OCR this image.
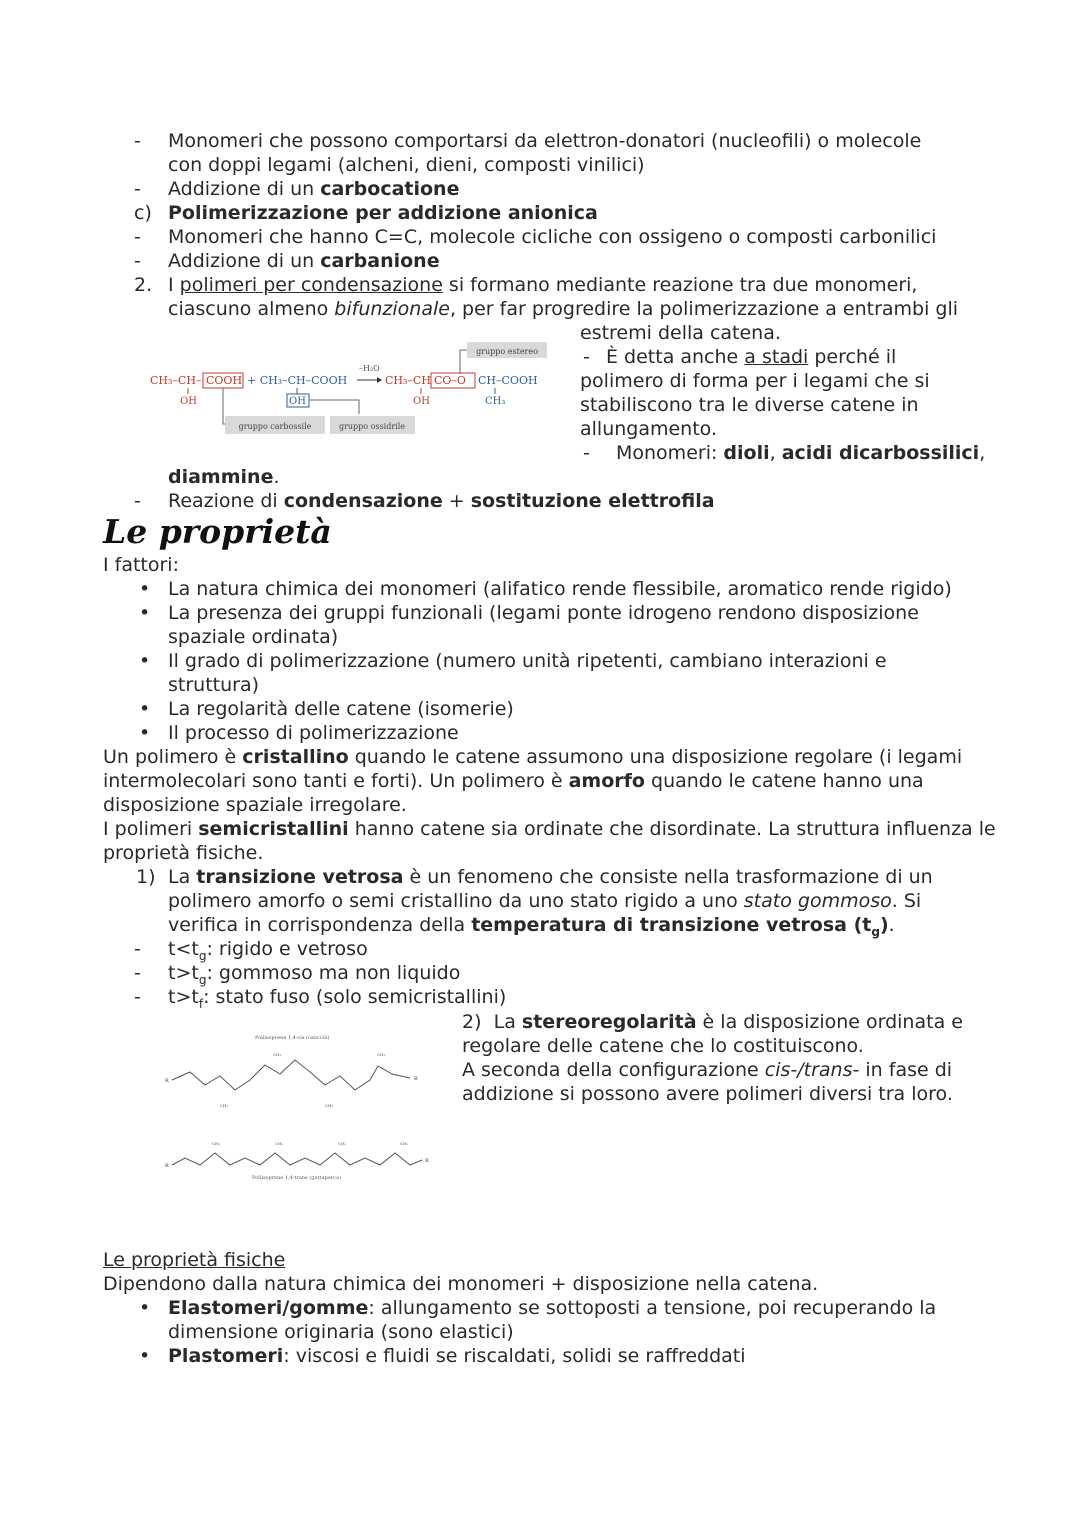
- Monomeri che possono comportarsi da elettron-donatori (nucleofili) o molecole
con doppi legami (alcheni, dieni, composti vinilici)
- Addizione di un carbocatione
c) Polimerizzazione per addizione anionica
- Monomeri che hanno C=C, molecole cicliche con ossigeno o composti carbonilici
- Addizione di un carbanione
2. I polimeri per condensazione si formano mediante reazione tra due monomeri,
ciascuno almeno bifunzionale, per far progredire la polimerizzazione a entrambi gli
estremi della catena.
- È detta anche a stadi perché il
polimero di forma per i legami che si
stabiliscono tra le diverse catene in
allungamento.
- Monomeri: dioli, acidi dicarbossilici,
diammine.
- Reazione di condensazione + sostituzione elettrofila
gruppo estereo
CH₃–CH– COOH + CH₃–CH–COOH
–H₂O
CH₃–CH CO–O CH–COOH
OH	OH	OH	CH₃
gruppo carbossile	gruppo ossidrile
Le proprietà
I fattori:
• La natura chimica dei monomeri (alifatico rende flessibile, aromatico rende rigido)
• La presenza dei gruppi funzionali (legami ponte idrogeno rendono disposizione
spaziale ordinata)
• Il grado di polimerizzazione (numero unità ripetenti, cambiano interazioni e
struttura)
• La regolarità delle catene (isomerie)
• Il processo di polimerizzazione
Un polimero è cristallino quando le catene assumono una disposizione regolare (i legami
intermolecolari sono tanti e forti). Un polimero è amorfo quando le catene hanno una
disposizione spaziale irregolare.
I polimeri semicristallini hanno catene sia ordinate che disordinate. La struttura influenza le
proprietà fisiche.
1) La transizione vetrosa è un fenomeno che consiste nella trasformazione di un
polimero amorfo o semi cristallino da uno stato rigido a uno stato gommoso. Si
verifica in corrispondenza della temperatura di transizione vetrosa $(t_g)$.
- $t<t_g$: rigido e vetroso
- $t>t_g$: gommoso ma non liquido
- $t>t_f$: stato fuso (solo semicristallini)
2) La stereoregolarità è la disposizione ordinata e
regolare delle catene che lo costituiscono.
A seconda della configurazione cis-/trans- in fase di
addizione si possono avere polimeri diversi tra loro.
Poliisoprene 1,4-cis (caucciù)
R	R
CH₃	CH₃
CH₃	CH₃
CH₃	CH₃	CH₃	CH₃
R
R
Poliisoprene 1,4-trans (guttaperca)
Le proprietà fisiche
Dipendono dalla natura chimica dei monomeri + disposizione nella catena.
• Elastomeri/gomme: allungamento se sottoposti a tensione, poi recuperando la
dimensione originaria (sono elastici)
• Plastomeri: viscosi e fluidi se riscaldati, solidi se raffreddati
